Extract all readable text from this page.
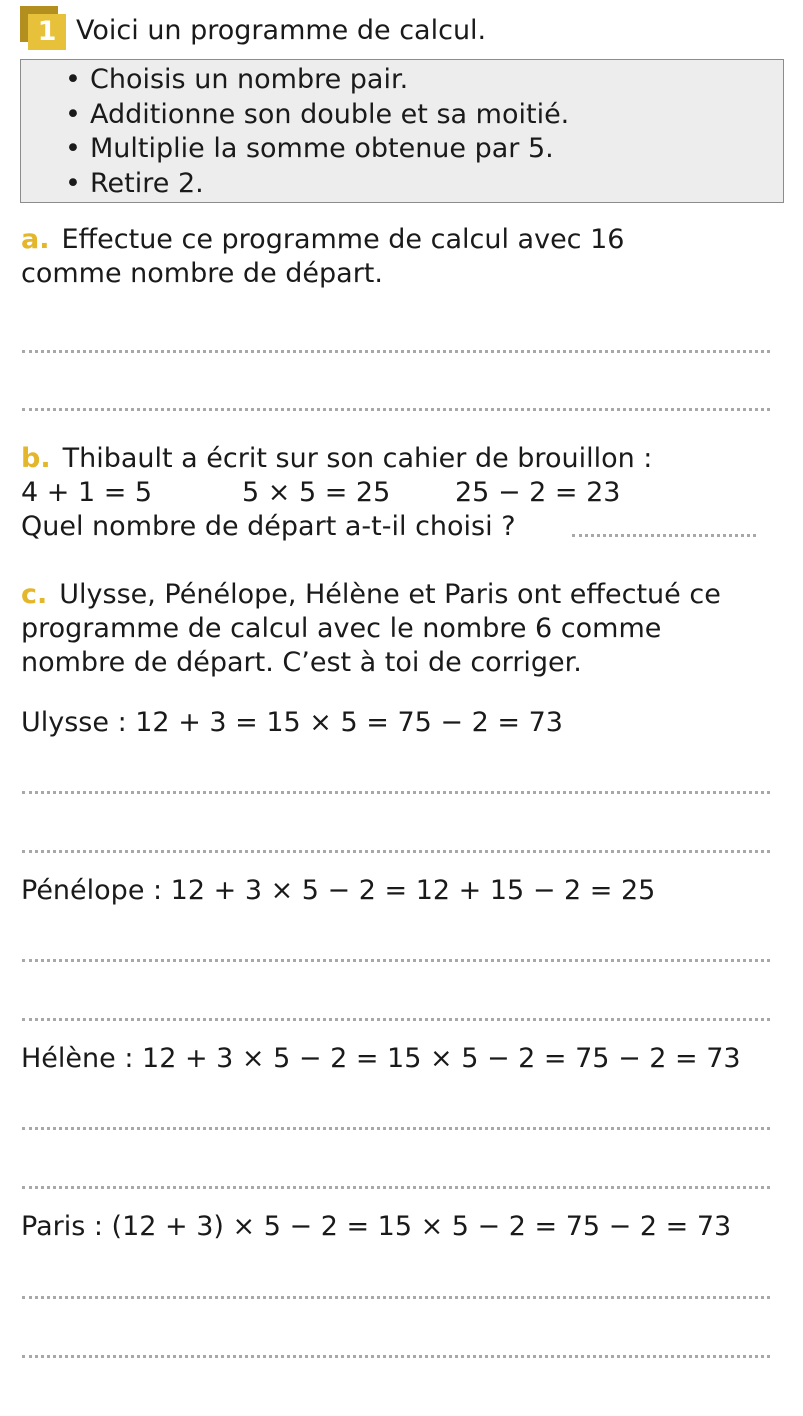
1 Voici un programme de calcul.
• Choisis un nombre pair.
• Additionne son double et sa moitié.
• Multiplie la somme obtenue par 5.
• Retire 2.
a. Effectue ce programme de calcul avec 16
comme nombre de départ.
b. Thibault a écrit sur son cahier de brouillon :
4 + 1 = 5	5 × 5 = 25 25 − 2 = 23
Quel nombre de départ a-t-il choisi ?
c. Ulysse, Pénélope, Hélène et Paris ont effectué ce
programme de calcul avec le nombre 6 comme
nombre de départ. C’est à toi de corriger.
Ulysse : 12 + 3 = 15 × 5 = 75 − 2 = 73
Pénélope : 12 + 3 × 5 − 2 = 12 + 15 − 2 = 25
Hélène : 12 + 3 × 5 − 2 = 15 × 5 − 2 = 75 − 2 = 73
Paris : (12 + 3) × 5 − 2 = 15 × 5 − 2 = 75 − 2 = 73
